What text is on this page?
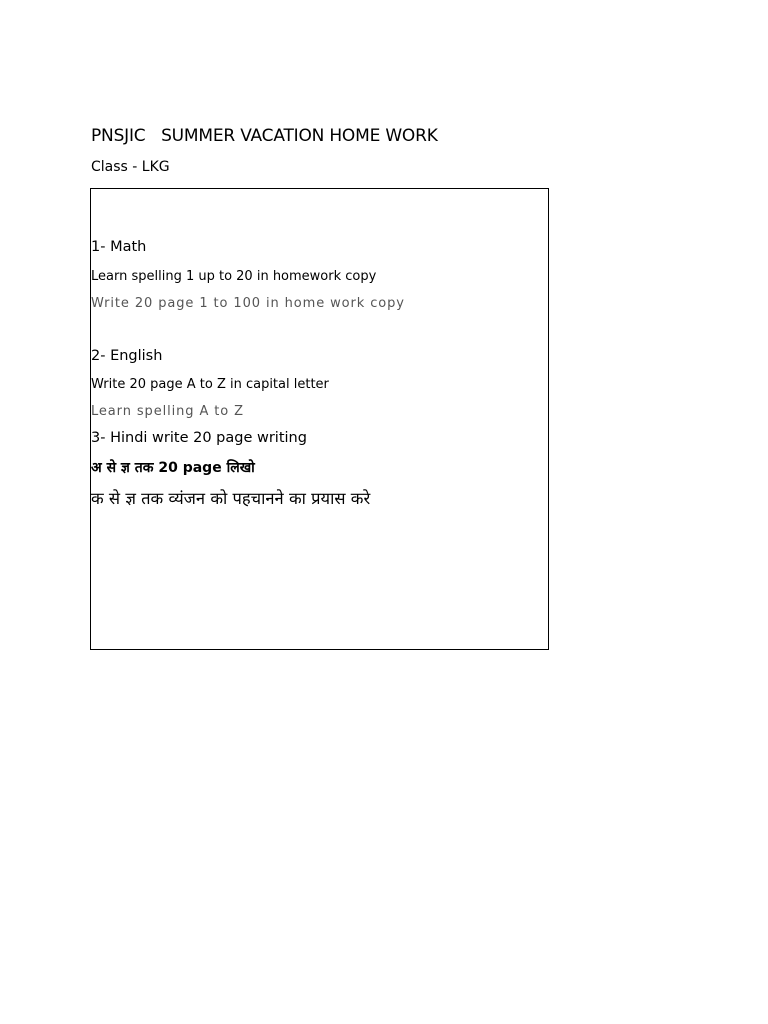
PNSJIC   SUMMER VACATION HOME WORK

Class - LKG

1- Math

Learn spelling 1 up to 20 in homework copy

Write 20 page 1 to 100 in home work copy

2- English

Write 20 page A to Z in capital letter

Learn spelling A to Z

3- Hindi write 20 page writing

अ से ज्ञ तक 20 page लिखो

क से ज्ञ तक व्यंजन को पहचानने का प्रयास करे
